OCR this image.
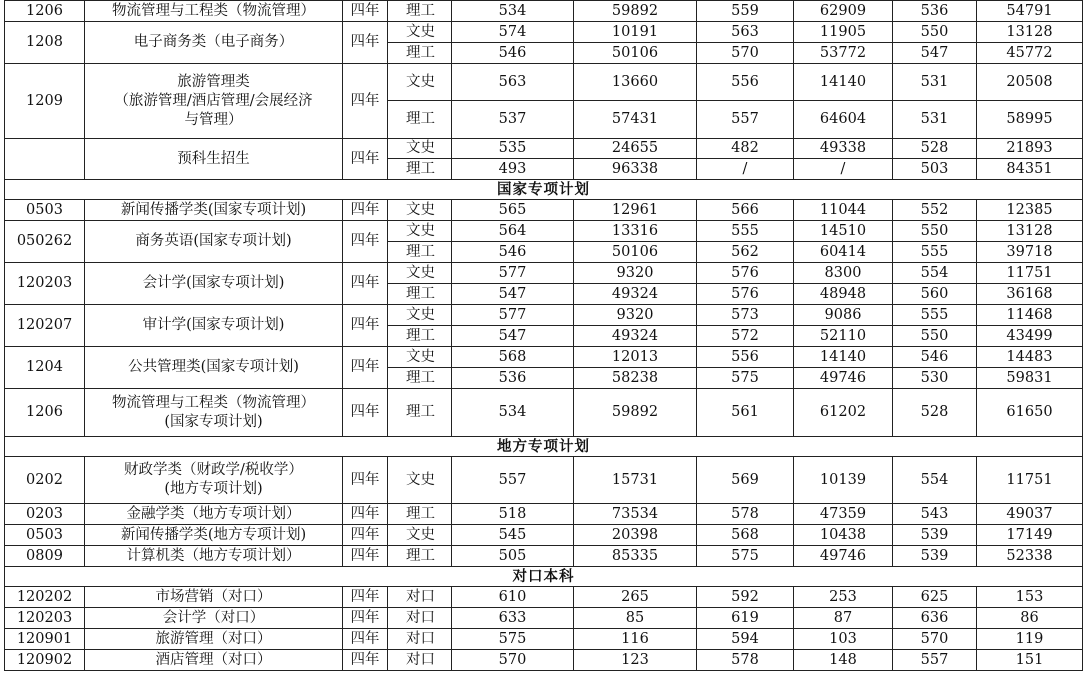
1206	物流管理与工程类（物流管理）	四年	理工	534	59892	559	62909	536	54791
1208	电子商务类（电子商务）	四年	文史	574	10191	563	11905	550	13128
			理工	546	50106	570	53772	547	45772
1209	旅游管理类
（旅游管理/酒店管理/会展经济
与管理）	四年	文史	563	13660	556	14140	531	20508
			理工	537	57431	557	64604	531	58995
	预科生招生	四年	文史	535	24655	482	49338	528	21893
			理工	493	96338	/	/	503	84351
国家专项计划									
0503	新闻传播学类(国家专项计划)	四年	文史	565	12961	566	11044	552	12385
050262	商务英语(国家专项计划)	四年	文史	564	13316	555	14510	550	13128
			理工	546	50106	562	60414	555	39718
120203	会计学(国家专项计划)	四年	文史	577	9320	576	8300	554	11751
			理工	547	49324	576	48948	560	36168
120207	审计学(国家专项计划)	四年	文史	577	9320	573	9086	555	11468
			理工	547	49324	572	52110	550	43499
1204	公共管理类(国家专项计划)	四年	文史	568	12013	556	14140	546	14483
			理工	536	58238	575	49746	530	59831
1206	物流管理与工程类（物流管理）
(国家专项计划)	四年	理工	534	59892	561	61202	528	61650
地方专项计划									
0202	财政学类（财政学/税收学）
(地方专项计划)	四年	文史	557	15731	569	10139	554	11751
0203	金融学类（地方专项计划）	四年	理工	518	73534	578	47359	543	49037
0503	新闻传播学类(地方专项计划)	四年	文史	545	20398	568	10438	539	17149
0809	计算机类（地方专项计划）	四年	理工	505	85335	575	49746	539	52338
对口本科									
120202	市场营销（对口）	四年	对口	610	265	592	253	625	153
120203	会计学（对口）	四年	对口	633	85	619	87	636	86
120901	旅游管理（对口）	四年	对口	575	116	594	103	570	119
120902	酒店管理（对口）	四年	对口	570	123	578	148	557	151
